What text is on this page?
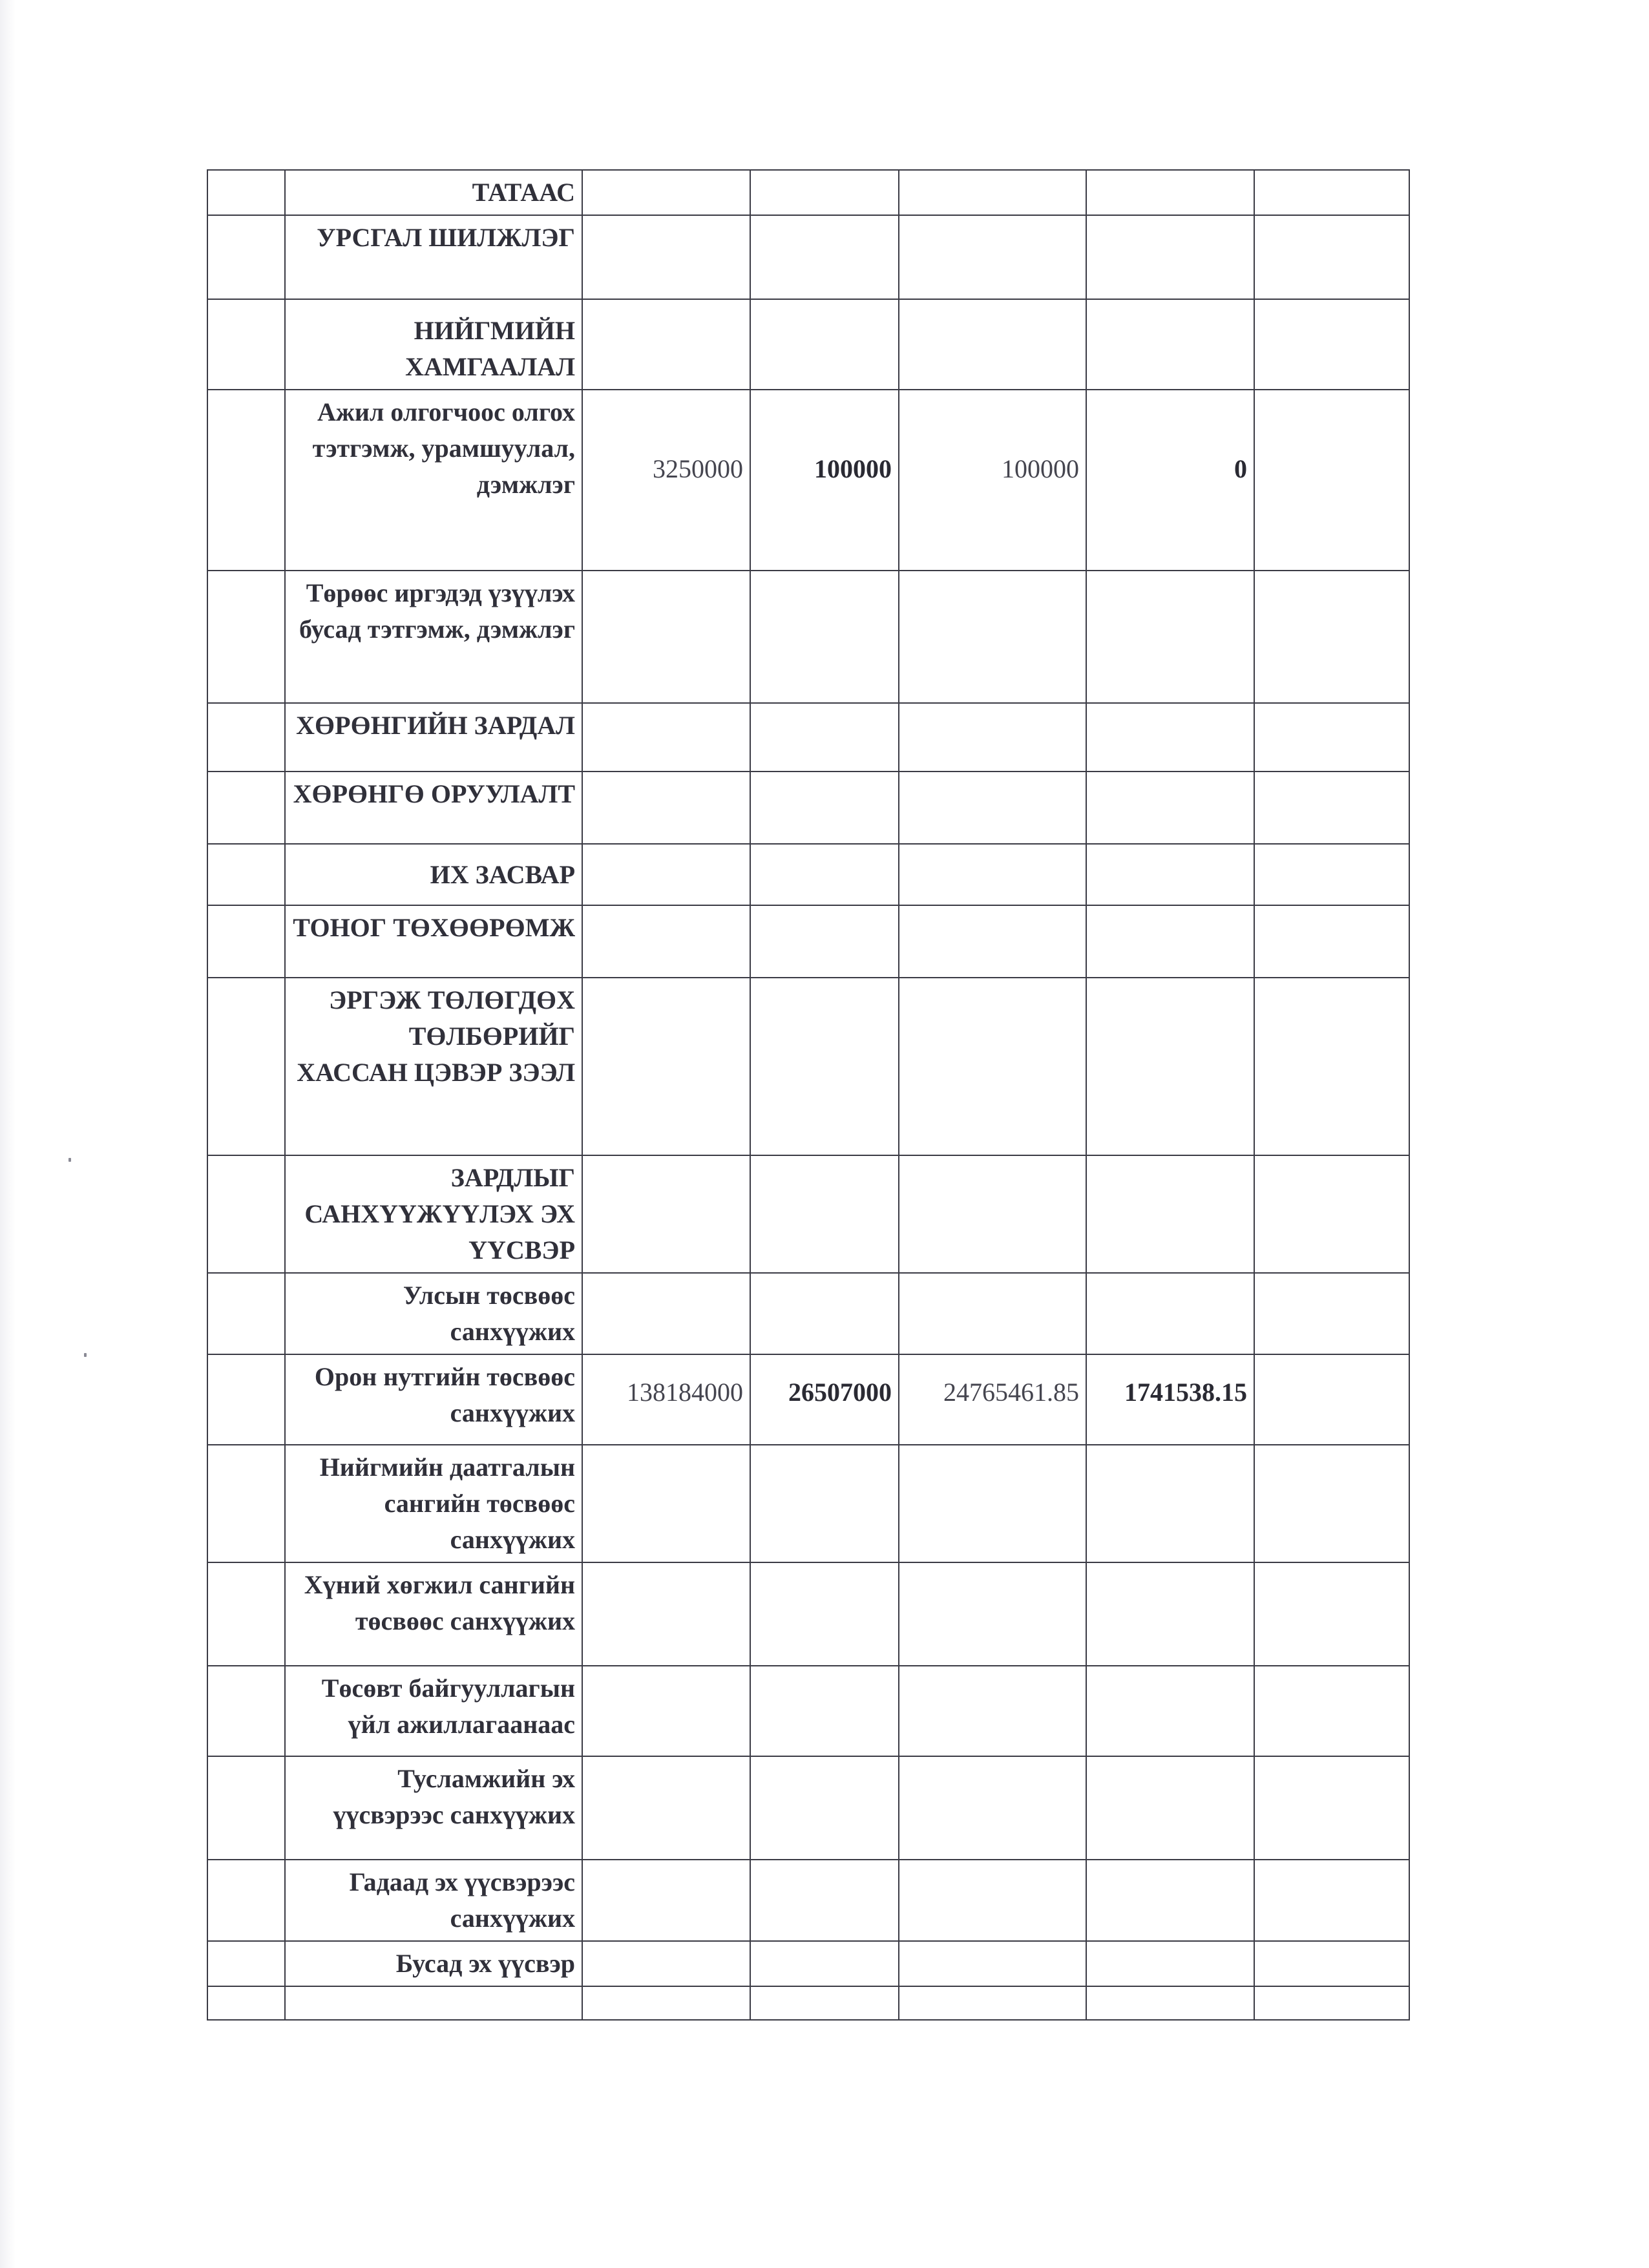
	ТАТААС					
	УРСГАЛ ШИЛЖЛЭГ					
	НИЙГМИЙН ХАМГААЛАЛ					
	Ажил олгогчоос олгох тэтгэмж, урамшуулал, дэмжлэг	3250000	100000	100000	0	
	Төрөөс иргэдэд үзүүлэх бусад тэтгэмж, дэмжлэг					
	ХӨРӨНГИЙН ЗАРДАЛ					
	ХӨРӨНГӨ ОРУУЛАЛТ					
	ИХ ЗАСВАР					
	ТОНОГ ТӨХӨӨРӨМЖ					
	ЭРГЭЖ ТӨЛӨГДӨХ ТӨЛБӨРИЙГ ХАССАН ЦЭВЭР ЗЭЭЛ					
	ЗАРДЛЫГ САНХҮҮЖҮҮЛЭХ ЭХ ҮҮСВЭР					
	Улсын төсвөөс санхүүжих					
	Орон нутгийн төсвөөс санхүүжих	138184000	26507000	24765461.85	1741538.15	
	Нийгмийн даатгалын сангийн төсвөөс санхүүжих					
	Хүний хөгжил сангийн төсвөөс санхүүжих					
	Төсөвт байгууллагын үйл ажиллагаанаас					
	Тусламжийн эх үүсвэрээс санхүүжих					
	Гадаад эх үүсвэрээс санхүүжих					
	Бусад эх үүсвэр					
